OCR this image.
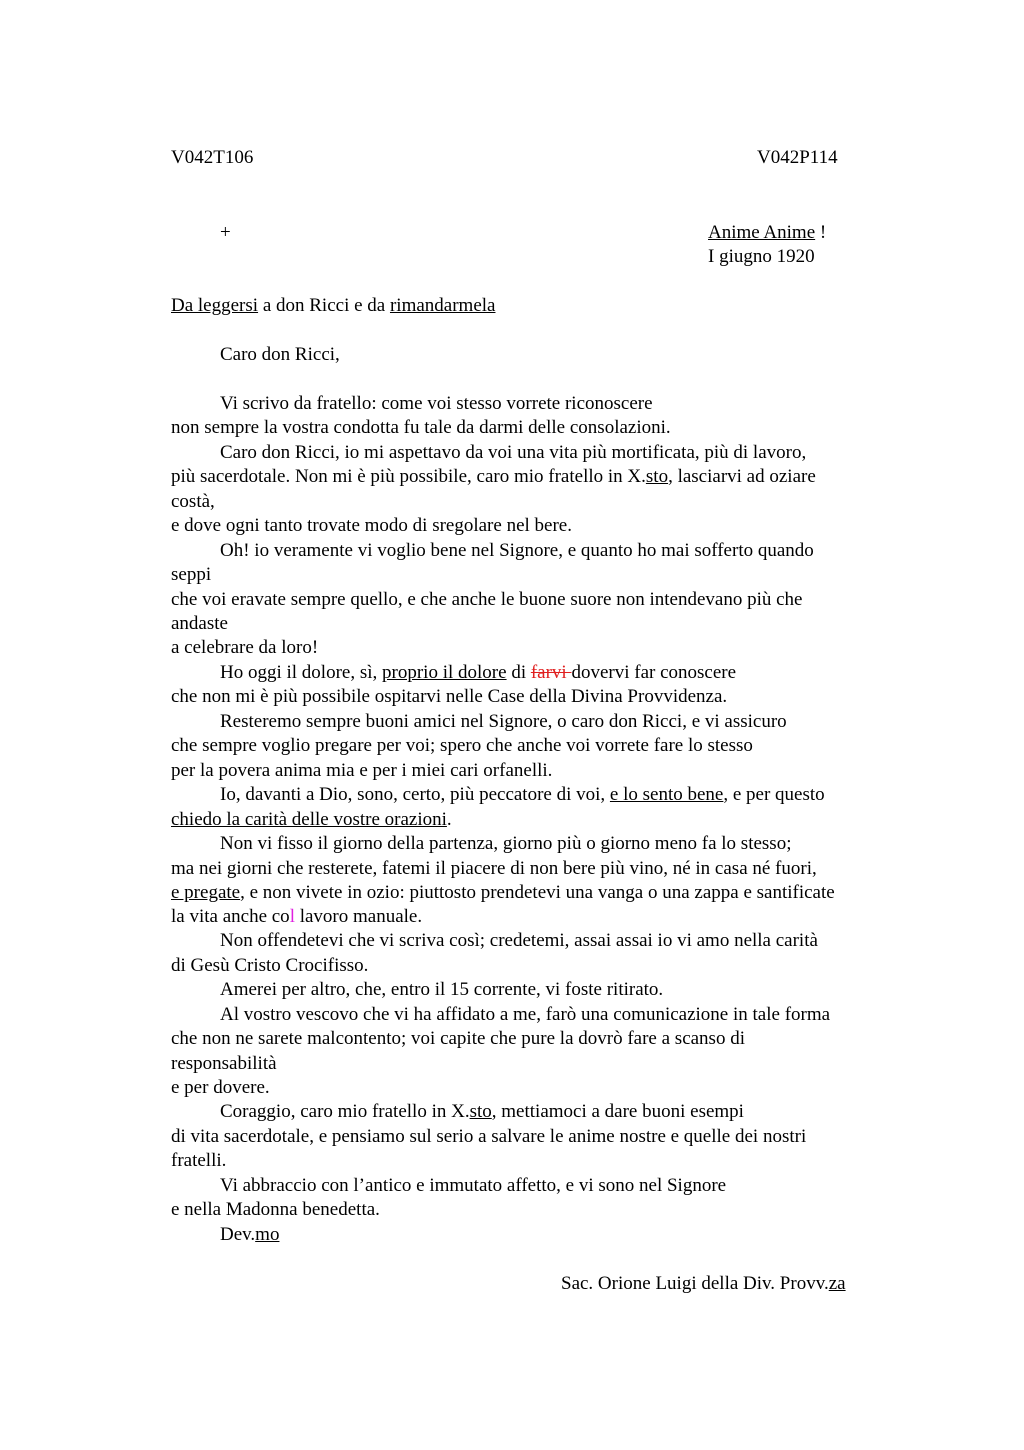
V042T106	V042P114
+	Anime Anime !
I giugno 1920
Da leggersi a don Ricci e da rimandarmela
Caro don Ricci,
Vi scrivo da fratello: come voi stesso vorrete riconoscere
non sempre la vostra condotta fu tale da darmi delle consolazioni.
Caro don Ricci, io mi aspettavo da voi una vita più mortificata, più di lavoro,
più sacerdotale. Non mi è più possibile, caro mio fratello in X.sto, lasciarvi ad oziare
costà,
e dove ogni tanto trovate modo di sregolare nel bere.
Oh! io veramente vi voglio bene nel Signore, e quanto ho mai sofferto quando
seppi
che voi eravate sempre quello, e che anche le buone suore non intendevano più che
andaste
a celebrare da loro!
Ho oggi il dolore, sì, proprio il dolore di farvi dovervi far conoscere
che non mi è più possibile ospitarvi nelle Case della Divina Provvidenza.
Resteremo sempre buoni amici nel Signore, o caro don Ricci, e vi assicuro
che sempre voglio pregare per voi; spero che anche voi vorrete fare lo stesso
per la povera anima mia e per i miei cari orfanelli.
Io, davanti a Dio, sono, certo, più peccatore di voi, e lo sento bene, e per questo
chiedo la carità delle vostre orazioni.
Non vi fisso il giorno della partenza, giorno più o giorno meno fa lo stesso;
ma nei giorni che resterete, fatemi il piacere di non bere più vino, né in casa né fuori,
e pregate, e non vivete in ozio: piuttosto prendetevi una vanga o una zappa e santificate
la vita anche col lavoro manuale.
Non offendetevi che vi scriva così; credetemi, assai assai io vi amo nella carità
di Gesù Cristo Crocifisso.
Amerei per altro, che, entro il 15 corrente, vi foste ritirato.
Al vostro vescovo che vi ha affidato a me, farò una comunicazione in tale forma
che non ne sarete malcontento; voi capite che pure la dovrò fare a scanso di
responsabilità
e per dovere.
Coraggio, caro mio fratello in X.sto, mettiamoci a dare buoni esempi
di vita sacerdotale, e pensiamo sul serio a salvare le anime nostre e quelle dei nostri
fratelli.
Vi abbraccio con l’antico e immutato affetto, e vi sono nel Signore
e nella Madonna benedetta.
Dev.mo
Sac. Orione Luigi della Div. Provv.za
